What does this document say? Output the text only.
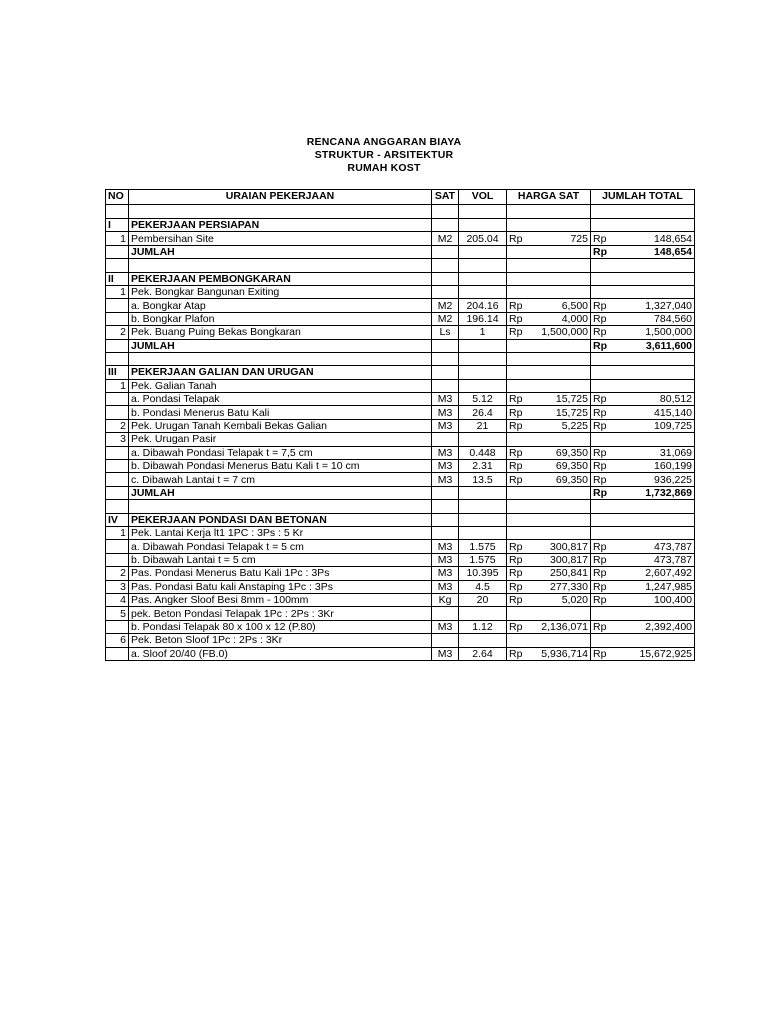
RENCANA ANGGARAN BIAYA
STRUKTUR - ARSITEKTUR
RUMAH KOST
NO	URAIAN PEKERJAAN	SAT	VOL	HARGA SAT		JUMLAH TOTAL	

I	PEKERJAAN PERSIAPAN						
1	Pembersihan Site	M2	205.04	Rp	725	Rp	148,654
	JUMLAH					Rp	148,654

II	PEKERJAAN PEMBONGKARAN						
1	Pek. Bongkar Bangunan Exiting						
	a. Bongkar Atap	M2	204.16	Rp	6,500	Rp	1,327,040
	b. Bongkar Plafon	M2	196.14	Rp	4,000	Rp	784,560
2	Pek. Buang Puing Bekas Bongkaran	Ls	1	Rp	1,500,000	Rp	1,500,000
	JUMLAH					Rp	3,611,600

III	PEKERJAAN GALIAN DAN URUGAN						
1	Pek. Galian Tanah						
	a. Pondasi Telapak	M3	5.12	Rp	15,725	Rp	80,512
	b. Pondasi Menerus Batu Kali	M3	26.4	Rp	15,725	Rp	415,140
2	Pek. Urugan Tanah Kembali Bekas Galian	M3	21	Rp	5,225	Rp	109,725
3	Pek. Urugan Pasir						
	a. Dibawah Pondasi Telapak t = 7,5 cm	M3	0.448	Rp	69,350	Rp	31,069
	b. Dibawah Pondasi Menerus Batu Kali t = 10 cm	M3	2.31	Rp	69,350	Rp	160,199
	c. Dibawah Lantai t = 7 cm	M3	13.5	Rp	69,350	Rp	936,225
	JUMLAH					Rp	1,732,869

IV	PEKERJAAN PONDASI DAN BETONAN						
1	Pek. Lantai Kerja lt1 1PC : 3Ps : 5 Kr						
	a. Dibawah Pondasi Telapak t = 5 cm	M3	1.575	Rp	300,817	Rp	473,787
	b. Dibawah Lantai t = 5 cm	M3	1.575	Rp	300,817	Rp	473,787
2	Pas. Pondasi Menerus Batu Kali 1Pc : 3Ps	M3	10.395	Rp	250,841	Rp	2,607,492
3	Pas. Pondasi Batu kali Anstaping 1Pc : 3Ps	M3	4.5	Rp	277,330	Rp	1,247,985
4	Pas. Angker Sloof Besi 8mm - 100mm	Kg	20	Rp	5,020	Rp	100,400
5	pek. Beton Pondasi Telapak 1Pc : 2Ps : 3Kr						
	b. Pondasi Telapak 80 x 100 x 12 (P.80)	M3	1.12	Rp	2,136,071	Rp	2,392,400
6	Pek. Beton Sloof 1Pc : 2Ps : 3Kr						
	a. Sloof 20/40 (FB.0)	M3	2.64	Rp	5,936,714	Rp	15,672,925
